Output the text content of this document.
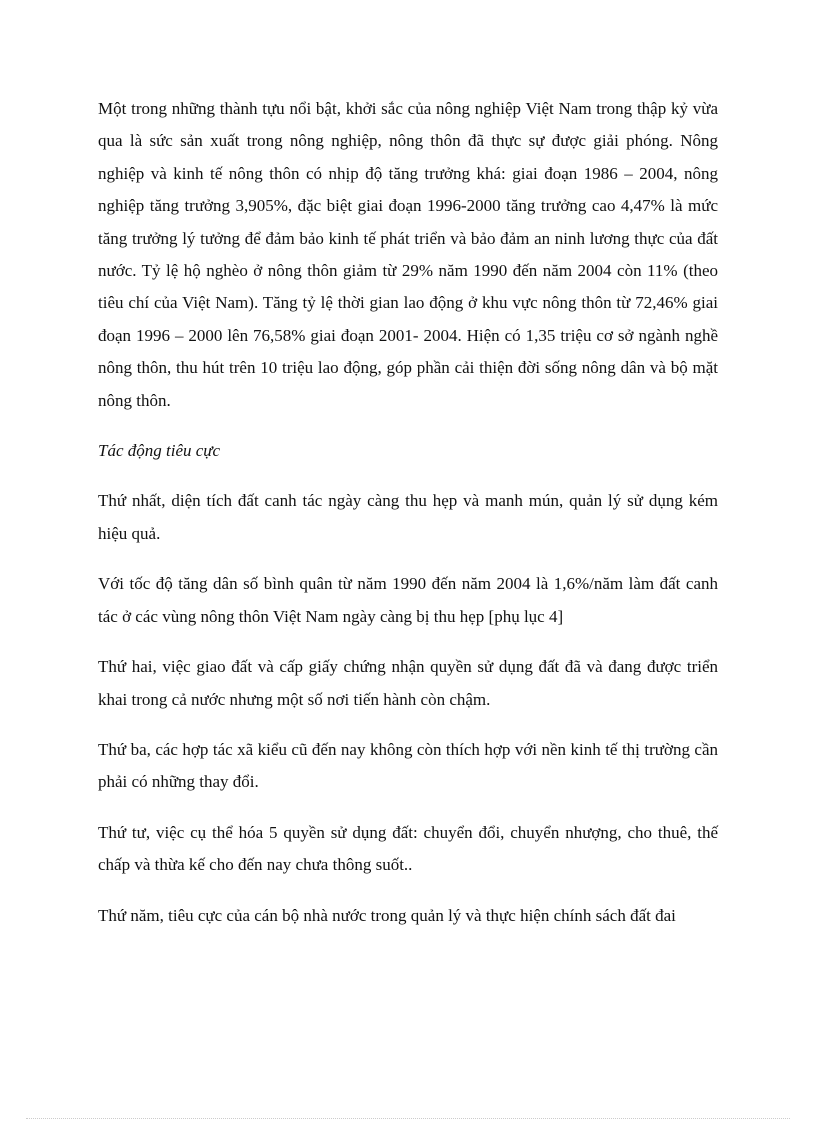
Một trong những thành tựu nổi bật, khởi sắc của nông nghiệp Việt Nam trong thập kỷ vừa qua là sức sản xuất trong nông nghiệp, nông thôn đã thực sự được giải phóng. Nông nghiệp và kinh tế nông thôn có nhịp độ tăng trưởng khá: giai đoạn 1986 – 2004, nông nghiệp tăng trưởng 3,905%, đặc biệt giai đoạn 1996-2000 tăng trưởng cao 4,47% là mức tăng trưởng lý tưởng để đảm bảo kinh tế phát triển và bảo đảm an ninh lương thực của đất nước. Tỷ lệ hộ nghèo ở nông thôn giảm từ 29% năm 1990 đến năm 2004 còn 11% (theo tiêu chí của Việt Nam). Tăng tỷ lệ thời gian lao động ở khu vực nông thôn từ 72,46% giai đoạn 1996 – 2000 lên 76,58% giai đoạn 2001- 2004. Hiện có 1,35 triệu cơ sở ngành nghề nông thôn, thu hút trên 10 triệu lao động, góp phần cải thiện đời sống nông dân và bộ mặt nông thôn.

Tác động tiêu cực

Thứ nhất, diện tích đất canh tác ngày càng thu hẹp và manh mún, quản lý sử dụng kém hiệu quả.

Với tốc độ tăng dân số bình quân từ năm 1990 đến năm 2004 là 1,6%/năm làm đất canh tác ở các vùng nông thôn Việt Nam ngày càng bị thu hẹp [phụ lục 4]

Thứ hai, việc giao đất và cấp giấy chứng nhận quyền sử dụng đất đã và đang được triển khai trong cả nước nhưng một số nơi tiến hành còn chậm.

Thứ ba, các hợp tác xã kiểu cũ đến nay không còn thích hợp với nền kinh tế thị trường cần phải có những thay đổi.

Thứ tư, việc cụ thể hóa 5 quyền sử dụng đất: chuyển đổi, chuyển nhượng, cho thuê, thế chấp và thừa kế cho đến nay chưa thông suốt..

Thứ năm, tiêu cực của cán bộ nhà nước trong quản lý và thực hiện chính sách đất đai
